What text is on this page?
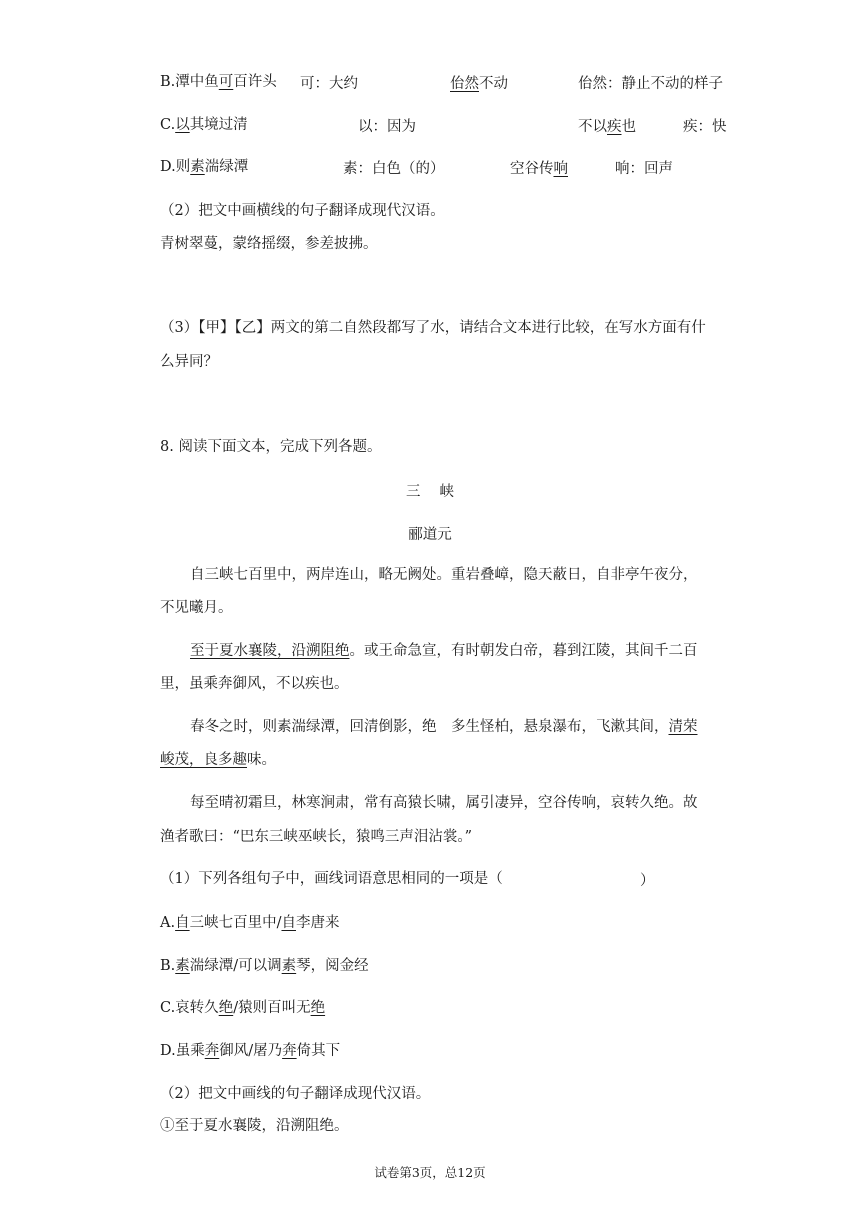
B.潭中鱼可百许头 可：大约	佁然不动	佁然：静止不动的样子
C.以其境过清	以：因为	不以疾也	疾：快
D.则素湍绿潭	素：白色（的）	空谷传响	响：回声
（2）把文中画横线的句子翻译成现代汉语。
青树翠蔓，蒙络摇缀，参差披拂。
（3）【甲】【乙】两文的第二自然段都写了水，请结合文本进行比较，在写水方面有什
么异同？
8. 阅读下面文本，完成下列各题。
三　 峡
郦道元
自三峡七百里中，两岸连山，略无阙处。重岩叠嶂，隐天蔽日，自非亭午夜分，
不见曦月。
至于夏水襄陵，沿溯阻绝。或王命急宣，有时朝发白帝，暮到江陵，其间千二百
里，虽乘奔御风，不以疾也。
春冬之时，则素湍绿潭，回清倒影，绝　多生怪柏，悬泉瀑布，飞漱其间，清荣
峻茂，良多趣味。
每至晴初霜旦，林寒涧肃，常有高猿长啸，属引凄异，空谷传响，哀转久绝。故
渔者歌曰：“巴东三峡巫峡长，猿鸣三声泪沾裳。”
（1）下列各组句子中，画线词语意思相同的一项是（	）
A.自三峡七百里中/自李唐来
B.素湍绿潭/可以调素琴，阅金经
C.哀转久绝/猿则百叫无绝
D.虽乘奔御风/屠乃奔倚其下
（2）把文中画线的句子翻译成现代汉语。
①至于夏水襄陵，沿溯阻绝。
试卷第3页，总12页
